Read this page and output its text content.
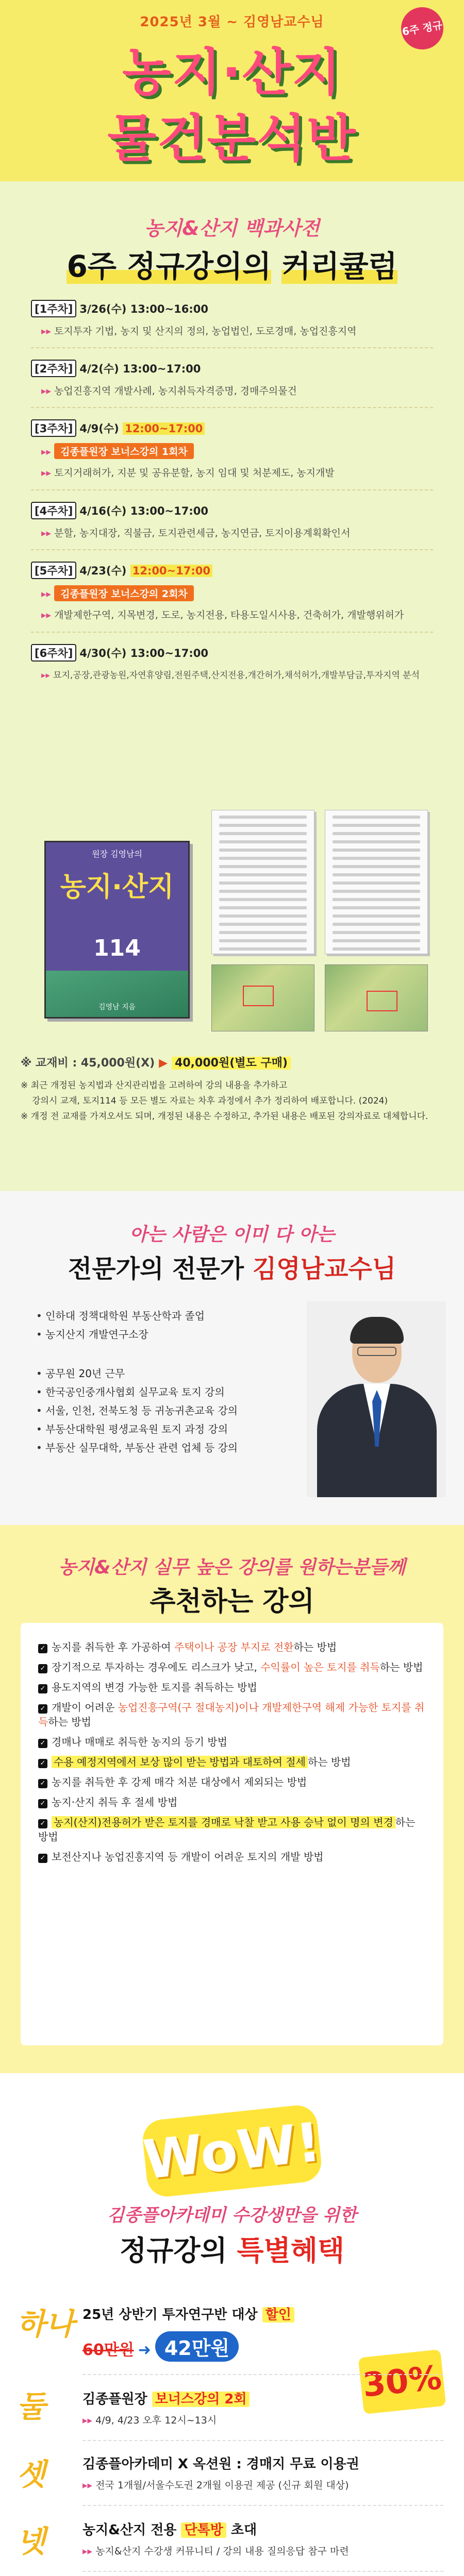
2025년 3월 ~ 김영남교수님	6주 정규
농지·산지
물건분석반
농지&산지 백과사전
6주 정규강의의 커리큘럼
[1주차] 3/26(수) 13:00~16:00
▸▸ 토지투자 기법, 농지 및 산지의 정의, 농업법인, 도로경매, 농업진흥지역
[2주차] 4/2(수) 13:00~17:00
▸▸ 농업진흥지역 개발사례, 농지취득자격증명, 경매주의물건
[3주차] 4/9(수) 12:00~17:00
▸▸ 김종플원장 보너스강의 1회차
▸▸ 토지거래허가, 지분 및 공유분할, 농지 임대 및 처분제도, 농지개발
[4주차] 4/16(수) 13:00~17:00
▸▸ 분할, 농지대장, 직불금, 토지관련세금, 농지연금, 토지이용계획확인서
[5주차] 4/23(수) 12:00~17:00
▸▸ 김종플원장 보너스강의 2회차
▸▸ 개발제한구역, 지목변경, 도로, 농지전용, 타용도일시사용, 건축허가, 개발행위허가
[6주차] 4/30(수) 13:00~17:00
▸▸ 묘지,공장,관광농원,자연휴양림,전원주택,산지전용,개간허가,채석허가,개발부담금,투자지역 분석
원장 김영남의
농지·산지
114
김영남 지음
※ 교재비 : 45,000원(X) ▶ 40,000원(별도 구매)
※ 최근 개정된 농지법과 산지관리법을 고려하여 강의 내용을 추가하고
강의시 교재, 토지114 등 모든 별도 자료는 차후 과정에서 추가 정리하여 배포합니다. (2024)
※ 개정 전 교재를 가져오셔도 되며, 개정된 내용은 수정하고, 추가된 내용은 배포된 강의자료로 대체합니다.
아는 사람은 이미 다 아는
전문가의 전문가 김영남교수님
• 인하대 정책대학원 부동산학과 졸업
• 농지산지 개발연구소장
• 공무원 20년 근무
• 한국공인중개사협회 실무교육 토지 강의
• 서울, 인천, 전북도청 등 귀농귀촌교육 강의
• 부동산대학원 평생교육원 토지 과정 강의
• 부동산 실무대학, 부동산 관련 업체 등 강의
농지&산지 실무 높은 강의를 원하는분들께
추천하는 강의
✓ 농지를 취득한 후 가공하여 주택이나 공장 부지로 전환하는 방법
✓ 장기적으로 투자하는 경우에도 리스크가 낮고, 수익률이 높은 토지를 취득하는 방법
✓ 용도지역의 변경 가능한 토지를 취득하는 방법
✓ 개발이 어려운 농업진흥구역(구 절대농지)이나 개발제한구역 해제 가능한 토지를 취득하는 방법
✓ 경매나 매매로 취득한 농지의 등기 방법
✓ 수용 예정지역에서 보상 많이 받는 방법과 대토하여 절세 하는 방법
✓ 농지를 취득한 후 강제 매각 처분 대상에서 제외되는 방법
✓ 농지·산지 취득 후 절세 방법
✓ 농지(산지)전용허가 받은 토지를 경매로 낙찰 받고 사용 승낙 없이 명의 변경 하는 방법
✓ 보전산지나 농업진흥지역 등 개발이 어려운 토지의 개발 방법
WoW!
김종플아카데미 수강생만을 위한
정규강의 특별혜택
하나 25년 상반기 투자연구반 대상 할인
60만원 ➜ 42만원
30%
둘	김종플원장 보너스강의 2회
▸▸ 4/9, 4/23 오후 12시~13시
셋	김종플아카데미 X 옥션원 : 경매지 무료 이용권
▸▸ 전국 1개월/서울수도권 2개월 이용권 제공 (신규 회원 대상)
넷	농지&산지 전용 단톡방 초대
▸▸ 농지&산지 수강생 커뮤니티 / 강의 내용 질의응답 참구 마련
